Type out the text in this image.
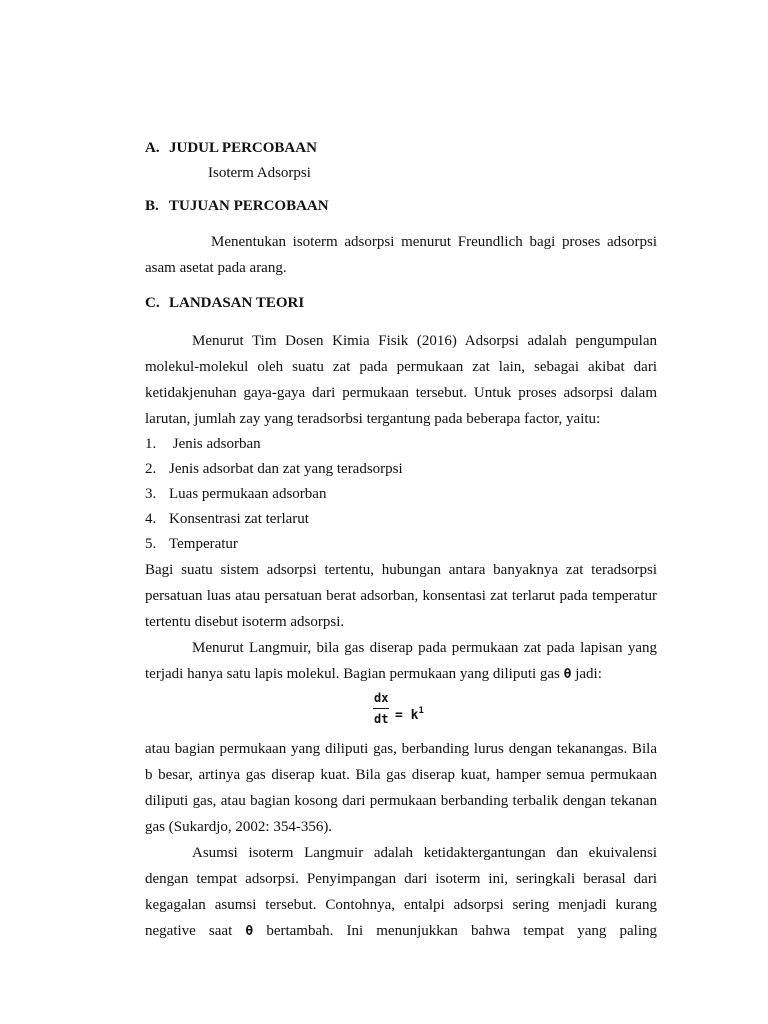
A. JUDUL PERCOBAAN
Isoterm Adsorpsi
B. TUJUAN PERCOBAAN

Menentukan isoterm adsorpsi menurut Freundlich bagi proses adsorpsi asam asetat pada arang.

C. LANDASAN TEORI

Menurut Tim Dosen Kimia Fisik (2016) Adsorpsi adalah pengumpulan molekul-molekul oleh suatu zat pada permukaan zat lain, sebagai akibat dari ketidakjenuhan gaya-gaya dari permukaan tersebut. Untuk proses adsorpsi dalam larutan, jumlah zay yang teradsorbsi tergantung pada beberapa factor, yaitu:

1. Jenis adsorban
2. Jenis adsorbat dan zat yang teradsorpsi
3. Luas permukaan adsorban
4. Konsentrasi zat terlarut
5. Temperatur

Bagi suatu sistem adsorpsi tertentu, hubungan antara banyaknya zat teradsorpsi persatuan luas atau persatuan berat adsorban, konsentasi zat terlarut pada temperatur tertentu disebut isoterm adsorpsi.

Menurut Langmuir, bila gas diserap pada permukaan zat pada lapisan yang terjadi hanya satu lapis molekul. Bagian permukaan yang diliputi gas θ jadi:

dx
dt = $k^1$

atau bagian permukaan yang diliputi gas, berbanding lurus dengan tekanangas. Bila b besar, artinya gas diserap kuat. Bila gas diserap kuat, hamper semua permukaan diliputi gas, atau bagian kosong dari permukaan berbanding terbalik dengan tekanan gas (Sukardjo, 2002: 354-356).

Asumsi isoterm Langmuir adalah ketidaktergantungan dan ekuivalensi dengan tempat adsorpsi. Penyimpangan dari isoterm ini, seringkali berasal dari kegagalan asumsi tersebut. Contohnya, entalpi adsorpsi sering menjadi kurang negative saat θ bertambah. Ini menunjukkan bahwa tempat yang paling
